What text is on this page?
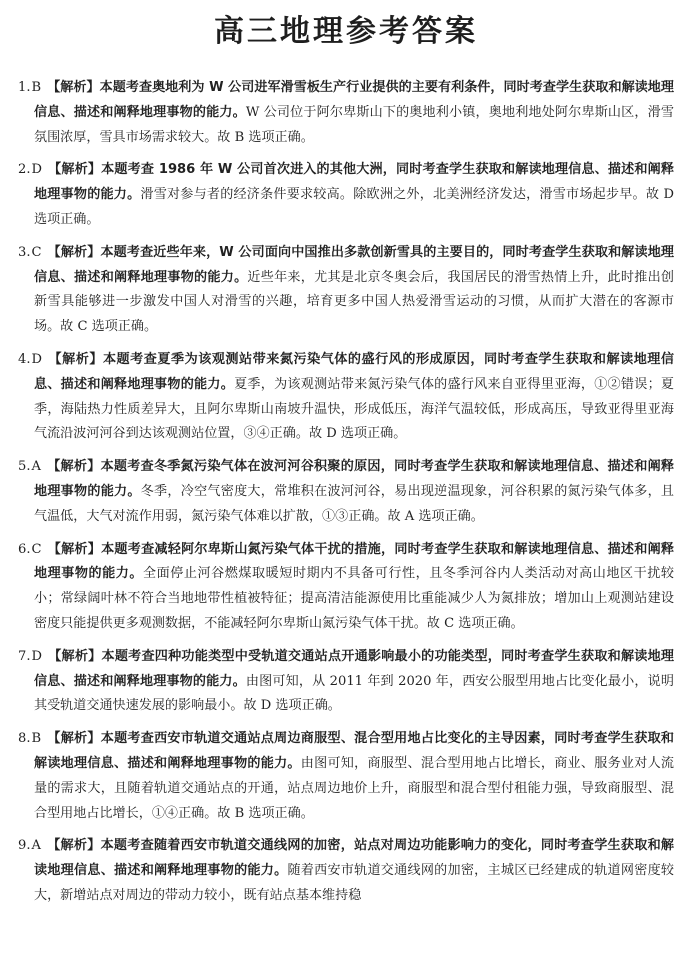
高三地理参考答案

1.B 【解析】本题考查奥地利为 W 公司进军滑雪板生产行业提供的主要有利条件，同时考查学生获取和解读地理信息、描述和阐释地理事物的能力。W 公司位于阿尔卑斯山下的奥地利小镇，奥地利地处阿尔卑斯山区，滑雪氛围浓厚，雪具市场需求较大。故 B 选项正确。

2.D 【解析】本题考查 1986 年 W 公司首次进入的其他大洲，同时考查学生获取和解读地理信息、描述和阐释地理事物的能力。滑雪对参与者的经济条件要求较高。除欧洲之外，北美洲经济发达，滑雪市场起步早。故 D 选项正确。

3.C 【解析】本题考查近些年来，W 公司面向中国推出多款创新雪具的主要目的，同时考查学生获取和解读地理信息、描述和阐释地理事物的能力。近些年来，尤其是北京冬奥会后，我国居民的滑雪热情上升，此时推出创新雪具能够进一步激发中国人对滑雪的兴趣，培育更多中国人热爱滑雪运动的习惯，从而扩大潜在的客源市场。故 C 选项正确。

4.D 【解析】本题考查夏季为该观测站带来氮污染气体的盛行风的形成原因，同时考查学生获取和解读地理信息、描述和阐释地理事物的能力。夏季，为该观测站带来氮污染气体的盛行风来自亚得里亚海，①②错误；夏季，海陆热力性质差异大，且阿尔卑斯山南坡升温快，形成低压，海洋气温较低，形成高压，导致亚得里亚海气流沿波河河谷到达该观测站位置，③④正确。故 D 选项正确。

5.A 【解析】本题考查冬季氮污染气体在波河河谷积聚的原因，同时考查学生获取和解读地理信息、描述和阐释地理事物的能力。冬季，冷空气密度大，常堆积在波河河谷，易出现逆温现象，河谷积累的氮污染气体多，且气温低，大气对流作用弱，氮污染气体难以扩散，①③正确。故 A 选项正确。

6.C 【解析】本题考查减轻阿尔卑斯山氮污染气体干扰的措施，同时考查学生获取和解读地理信息、描述和阐释地理事物的能力。全面停止河谷燃煤取暖短时期内不具备可行性，且冬季河谷内人类活动对高山地区干扰较小；常绿阔叶林不符合当地地带性植被特征；提高清洁能源使用比重能减少人为氮排放；增加山上观测站建设密度只能提供更多观测数据，不能减轻阿尔卑斯山氮污染气体干扰。故 C 选项正确。

7.D 【解析】本题考查四种功能类型中受轨道交通站点开通影响最小的功能类型，同时考查学生获取和解读地理信息、描述和阐释地理事物的能力。由图可知，从 2011 年到 2020 年，西安公服型用地占比变化最小，说明其受轨道交通快速发展的影响最小。故 D 选项正确。

8.B 【解析】本题考查西安市轨道交通站点周边商服型、混合型用地占比变化的主导因素，同时考查学生获取和解读地理信息、描述和阐释地理事物的能力。由图可知，商服型、混合型用地占比增长，商业、服务业对人流量的需求大，且随着轨道交通站点的开通，站点周边地价上升，商服型和混合型付租能力强，导致商服型、混合型用地占比增长，①④正确。故 B 选项正确。

9.A 【解析】本题考查随着西安市轨道交通线网的加密，站点对周边功能影响力的变化，同时考查学生获取和解读地理信息、描述和阐释地理事物的能力。随着西安市轨道交通线网的加密，主城区已经建成的轨道网密度较大，新增站点对周边的带动力较小，既有站点基本维持稳
